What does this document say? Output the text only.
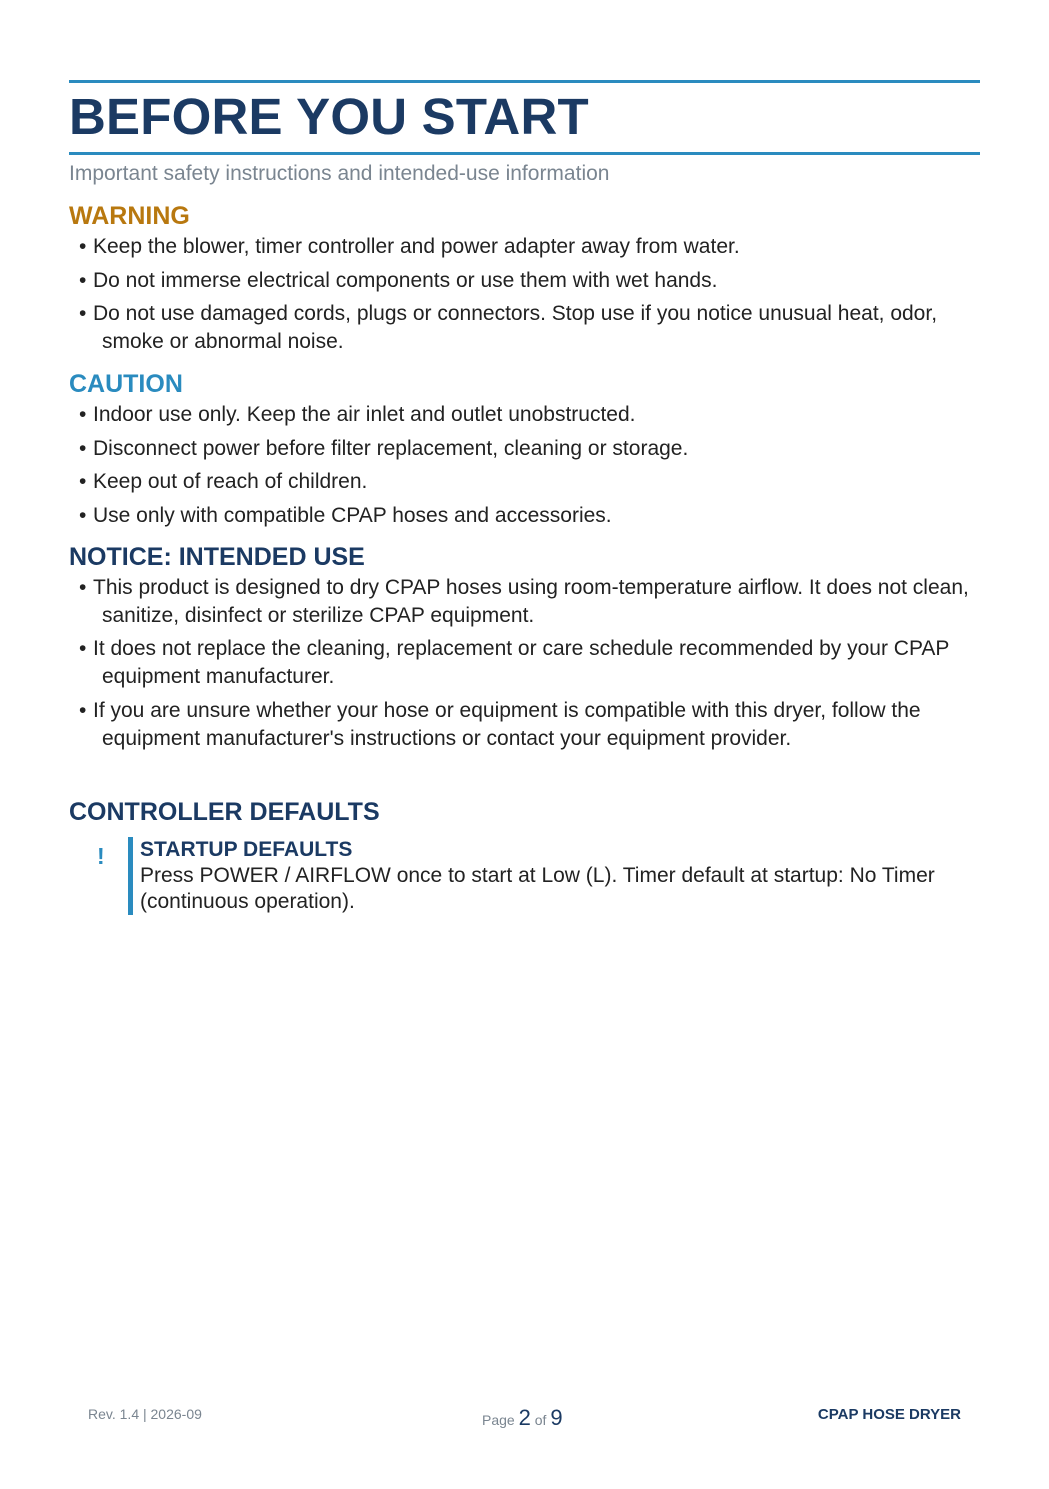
BEFORE YOU START
Important safety instructions and intended-use information
WARNING
• Keep the blower, timer controller and power adapter away from water.
• Do not immerse electrical components or use them with wet hands.
• Do not use damaged cords, plugs or connectors. Stop use if you notice unusual heat, odor, smoke or abnormal noise.
CAUTION
• Indoor use only. Keep the air inlet and outlet unobstructed.
• Disconnect power before filter replacement, cleaning or storage.
• Keep out of reach of children.
• Use only with compatible CPAP hoses and accessories.
NOTICE: INTENDED USE
• This product is designed to dry CPAP hoses using room-temperature airflow. It does not clean, sanitize, disinfect or sterilize CPAP equipment.
• It does not replace the cleaning, replacement or care schedule recommended by your CPAP equipment manufacturer.
• If you are unsure whether your hose or equipment is compatible with this dryer, follow the equipment manufacturer's instructions or contact your equipment provider.
CONTROLLER DEFAULTS
! STARTUP DEFAULTS
Press POWER / AIRFLOW once to start at Low (L). Timer default at startup: No Timer (continuous operation).
Rev. 1.4 | 2026-09	Page 2 of 9	CPAP HOSE DRYER
